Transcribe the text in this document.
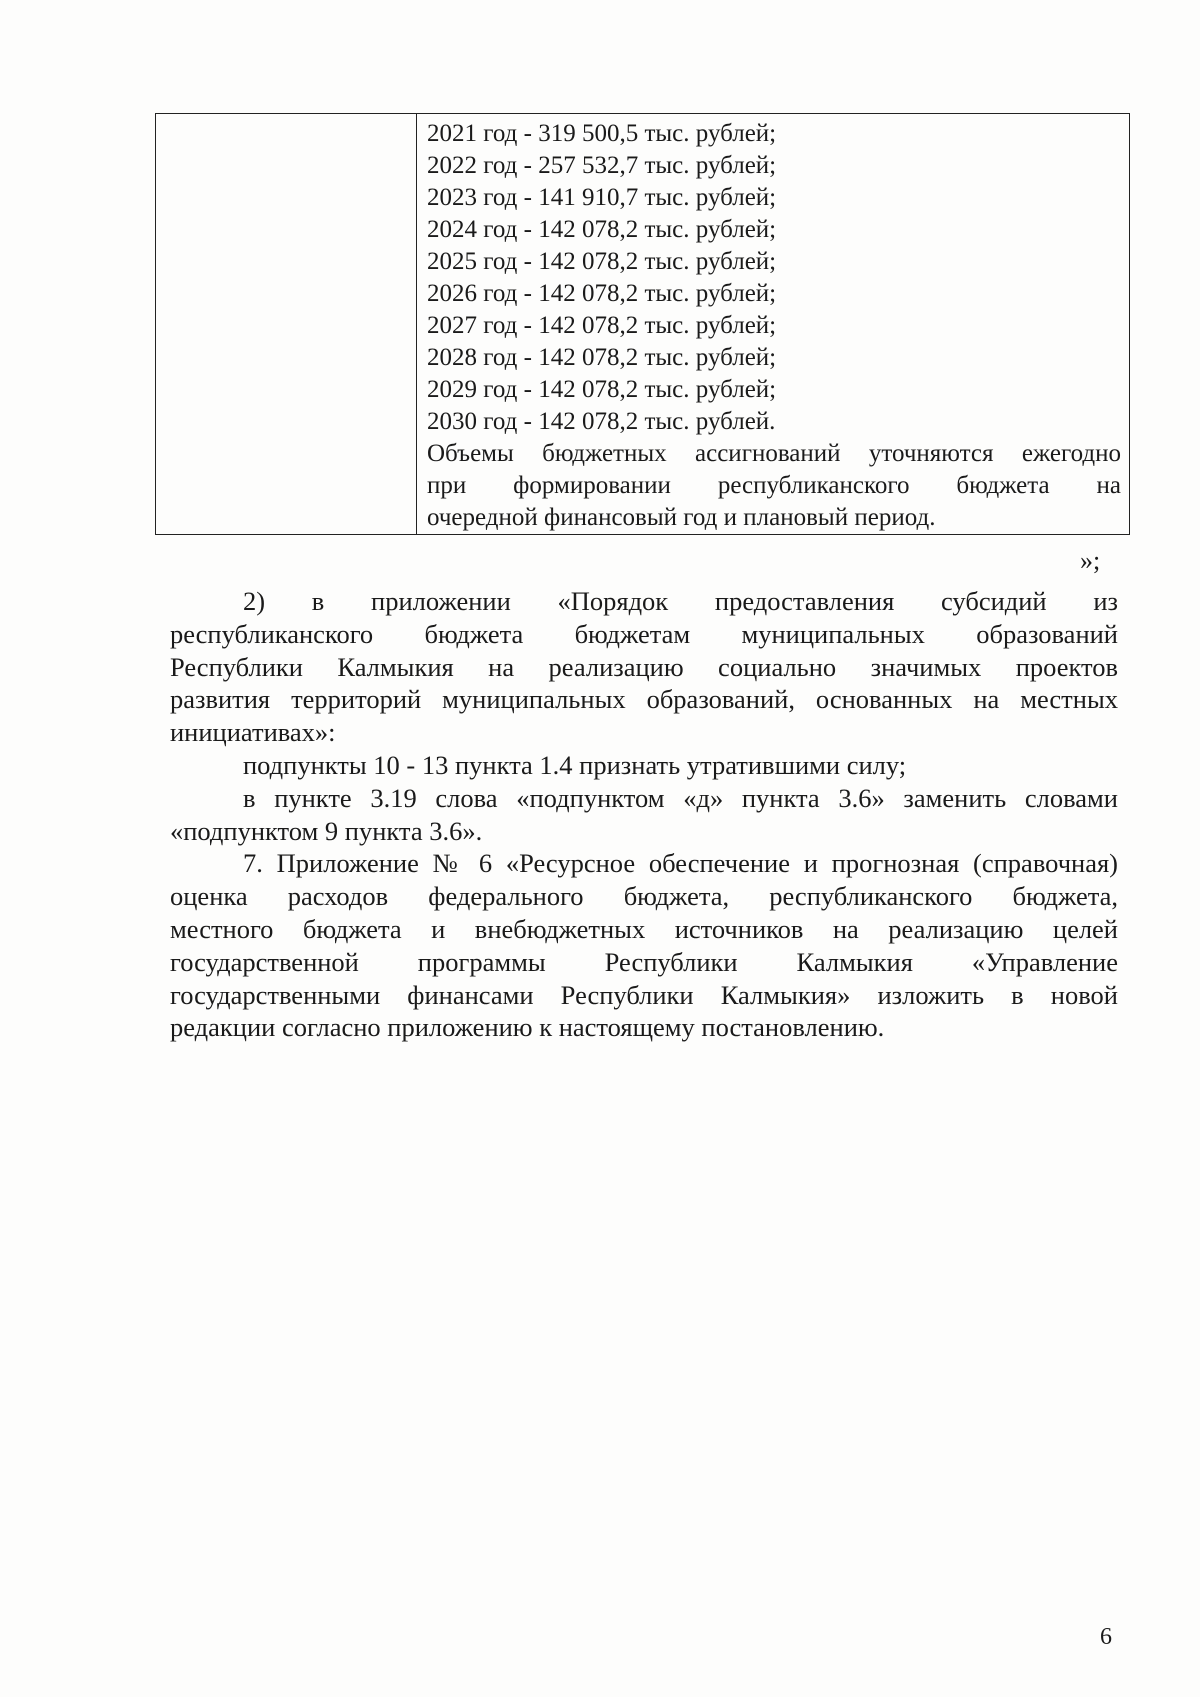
2021 год - 319 500,5 тыс. рублей;
2022 год - 257 532,7 тыс. рублей;
2023 год - 141 910,7 тыс. рублей;
2024 год - 142 078,2 тыс. рублей;
2025 год - 142 078,2 тыс. рублей;
2026 год - 142 078,2 тыс. рублей;
2027 год - 142 078,2 тыс. рублей;
2028 год - 142 078,2 тыс. рублей;
2029 год - 142 078,2 тыс. рублей;
2030 год - 142 078,2 тыс. рублей.
Объемы бюджетных ассигнований уточняются ежегодно
при формировании республиканского бюджета на
очередной финансовый год и плановый период.
»;
2) в приложении «Порядок предоставления субсидий из
республиканского бюджета бюджетам муниципальных образований
Республики Калмыкия на реализацию социально значимых проектов
развития территорий муниципальных образований, основанных на местных
инициативах»:
подпункты 10 - 13 пункта 1.4 признать утратившими силу;
в пункте 3.19 слова «подпунктом «д» пункта 3.6» заменить словами
«подпунктом 9 пункта 3.6».
7. Приложение № 6 «Ресурсное обеспечение и прогнозная (справочная)
оценка расходов федерального бюджета, республиканского бюджета,
местного бюджета и внебюджетных источников на реализацию целей
государственной программы Республики Калмыкия «Управление
государственными финансами Республики Калмыкия» изложить в новой
редакции согласно приложению к настоящему постановлению.
6
